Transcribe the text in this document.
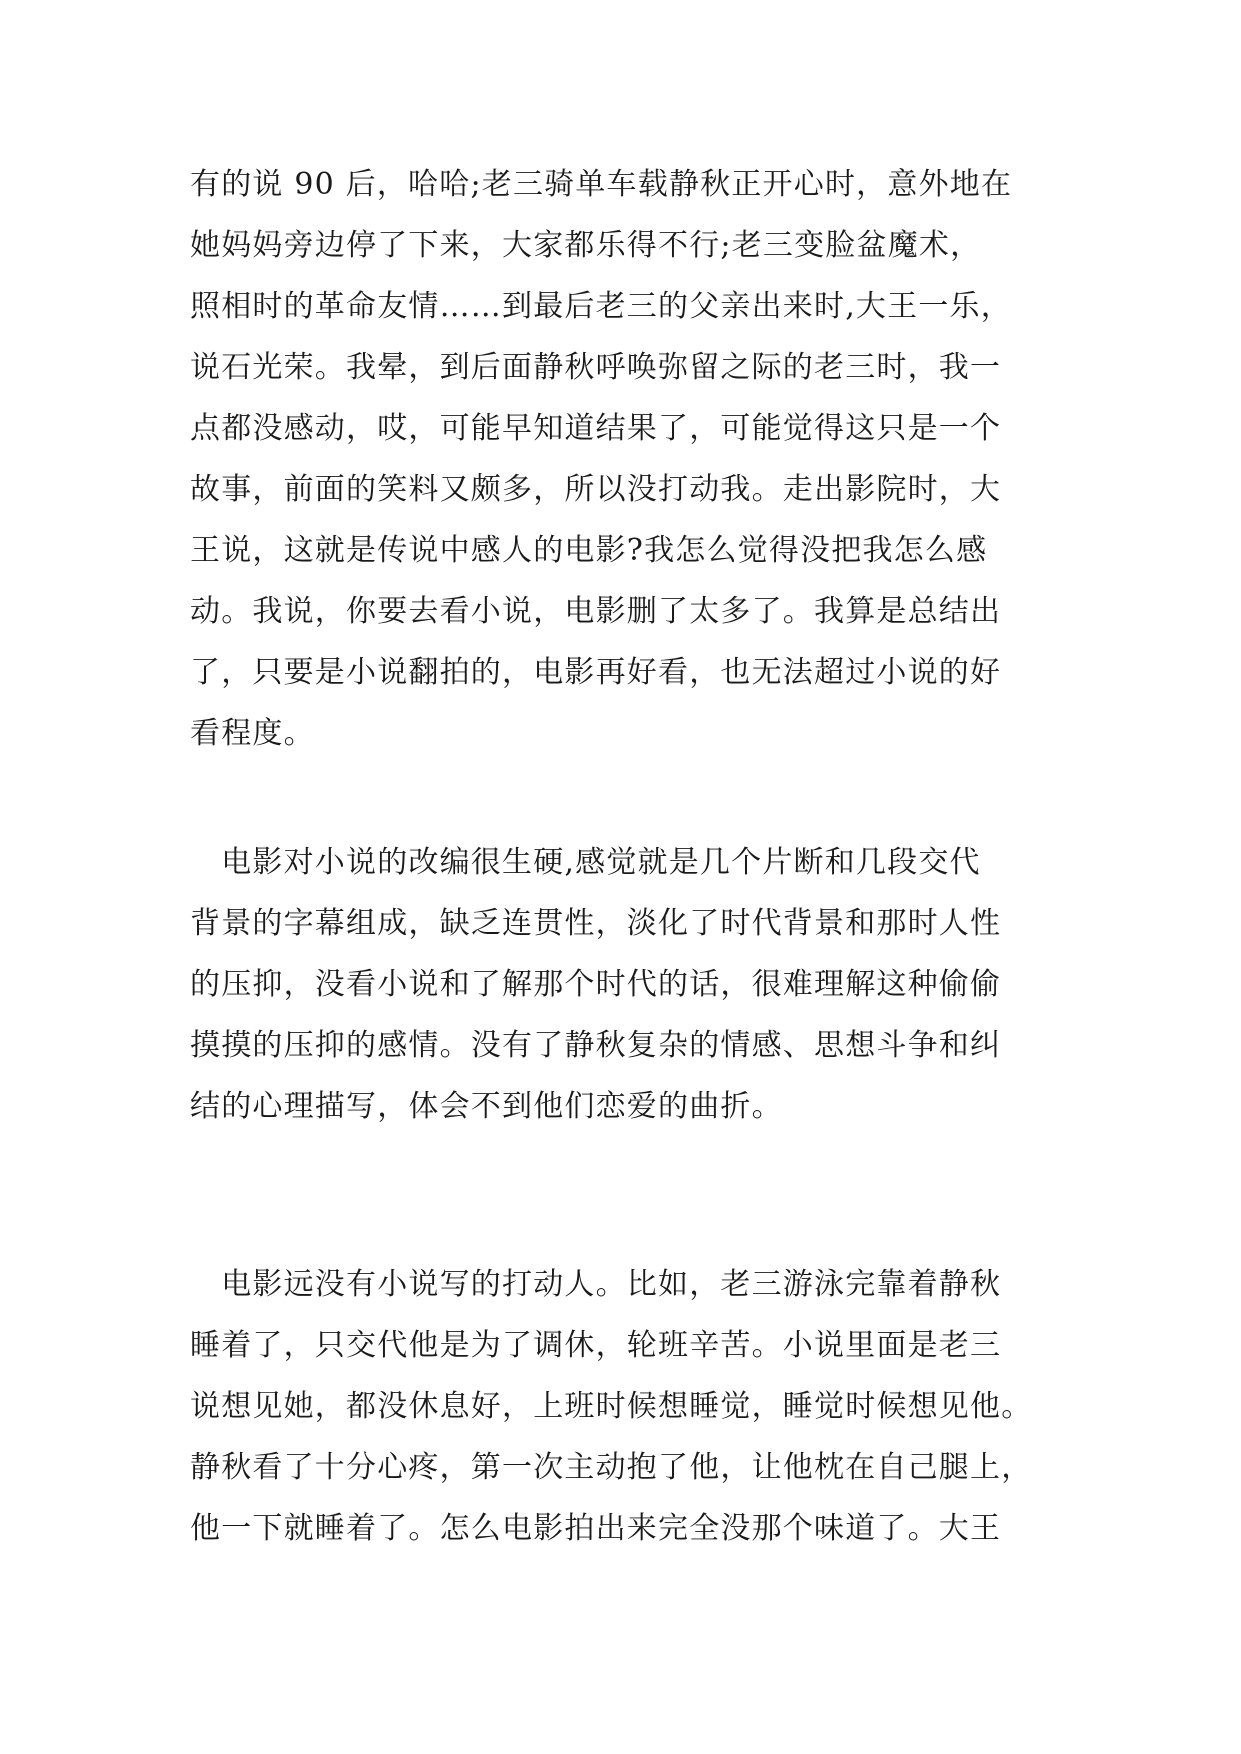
有的说 90 后，哈哈;老三骑单车载静秋正开心时，意外地在
她妈妈旁边停了下来，大家都乐得不行;老三变脸盆魔术，
照相时的革命友情……到最后老三的父亲出来时,大王一乐，
说石光荣。我晕，到后面静秋呼唤弥留之际的老三时，我一
点都没感动，哎，可能早知道结果了，可能觉得这只是一个
故事，前面的笑料又颇多，所以没打动我。走出影院时，大
王说，这就是传说中感人的电影?我怎么觉得没把我怎么感
动。我说，你要去看小说，电影删了太多了。我算是总结出
了，只要是小说翻拍的，电影再好看，也无法超过小说的好
看程度。
　电影对小说的改编很生硬,感觉就是几个片断和几段交代
背景的字幕组成，缺乏连贯性，淡化了时代背景和那时人性
的压抑，没看小说和了解那个时代的话，很难理解这种偷偷
摸摸的压抑的感情。没有了静秋复杂的情感、思想斗争和纠
结的心理描写，体会不到他们恋爱的曲折。
　电影远没有小说写的打动人。比如，老三游泳完靠着静秋
睡着了，只交代他是为了调休，轮班辛苦。小说里面是老三
说想见她，都没休息好，上班时候想睡觉，睡觉时候想见他。
静秋看了十分心疼，第一次主动抱了他，让他枕在自己腿上，
他一下就睡着了。怎么电影拍出来完全没那个味道了。大王
